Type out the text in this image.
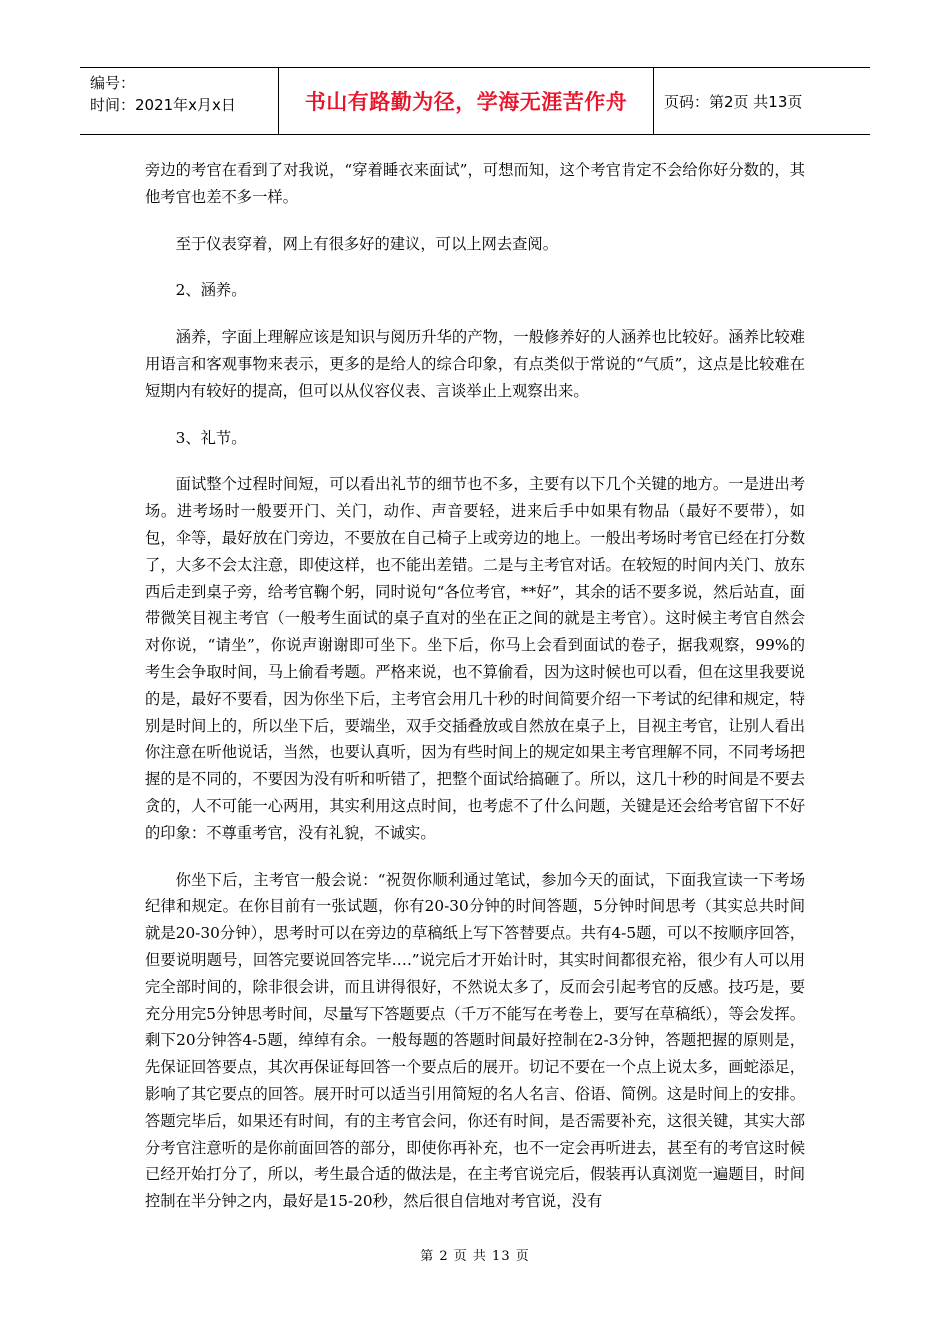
编号：
时间：2021年x月x日	书山有路勤为径，学海无涯苦作舟 页码：第2页 共13页

旁边的考官在看到了对我说，“穿着睡衣来面试”，可想而知，这个考官肯定不会给你好分数的，其他考官也差不多一样。

至于仪表穿着，网上有很多好的建议，可以上网去查阅。

2、涵养。

涵养，字面上理解应该是知识与阅历升华的产物，一般修养好的人涵养也比较好。涵养比较难用语言和客观事物来表示，更多的是给人的综合印象，有点类似于常说的“气质”，这点是比较难在短期内有较好的提高，但可以从仪容仪表、言谈举止上观察出来。

3、礼节。

面试整个过程时间短，可以看出礼节的细节也不多，主要有以下几个关键的地方。一是进出考场。进考场时一般要开门、关门，动作、声音要轻，进来后手中如果有物品（最好不要带），如包，伞等，最好放在门旁边，不要放在自己椅子上或旁边的地上。一般出考场时考官已经在打分数了，大多不会太注意，即使这样，也不能出差错。二是与主考官对话。在较短的时间内关门、放东西后走到桌子旁，给考官鞠个躬，同时说句“各位考官，**好”，其余的话不要多说，然后站直，面带微笑目视主考官（一般考生面试的桌子直对的坐在正之间的就是主考官）。这时候主考官自然会对你说，“请坐”，你说声谢谢即可坐下。坐下后，你马上会看到面试的卷子，据我观察，99%的考生会争取时间，马上偷看考题。严格来说，也不算偷看，因为这时候也可以看，但在这里我要说的是，最好不要看，因为你坐下后，主考官会用几十秒的时间简要介绍一下考试的纪律和规定，特别是时间上的，所以坐下后，要端坐，双手交插叠放或自然放在桌子上，目视主考官，让别人看出你注意在听他说话，当然，也要认真听，因为有些时间上的规定如果主考官理解不同，不同考场把握的是不同的，不要因为没有听和听错了，把整个面试给搞砸了。所以，这几十秒的时间是不要去贪的，人不可能一心两用，其实利用这点时间，也考虑不了什么问题，关键是还会给考官留下不好的印象：不尊重考官，没有礼貌，不诚实。

你坐下后，主考官一般会说：“祝贺你顺利通过笔试，参加今天的面试，下面我宣读一下考场纪律和规定。在你目前有一张试题，你有20-30分钟的时间答题，5分钟时间思考（其实总共时间就是20-30分钟），思考时可以在旁边的草稿纸上写下答替要点。共有4-5题，可以不按顺序回答，但要说明题号，回答完要说回答完毕….”说完后才开始计时，其实时间都很充裕，很少有人可以用完全部时间的，除非很会讲，而且讲得很好，不然说太多了，反而会引起考官的反感。技巧是，要充分用完5分钟思考时间，尽量写下答题要点（千万不能写在考卷上，要写在草稿纸），等会发挥。剩下20分钟答4-5题，绰绰有余。一般每题的答题时间最好控制在2-3分钟，答题把握的原则是，先保证回答要点，其次再保证每回答一个要点后的展开。切记不要在一个点上说太多，画蛇添足，影响了其它要点的回答。展开时可以适当引用简短的名人名言、俗语、简例。这是时间上的安排。答题完毕后，如果还有时间，有的主考官会问，你还有时间，是否需要补充，这很关键，其实大部分考官注意听的是你前面回答的部分，即使你再补充，也不一定会再听进去，甚至有的考官这时候已经开始打分了，所以，考生最合适的做法是，在主考官说完后，假装再认真浏览一遍题目，时间控制在半分钟之内，最好是15-20秒，然后很自信地对考官说，没有

第 2 页 共 13 页
